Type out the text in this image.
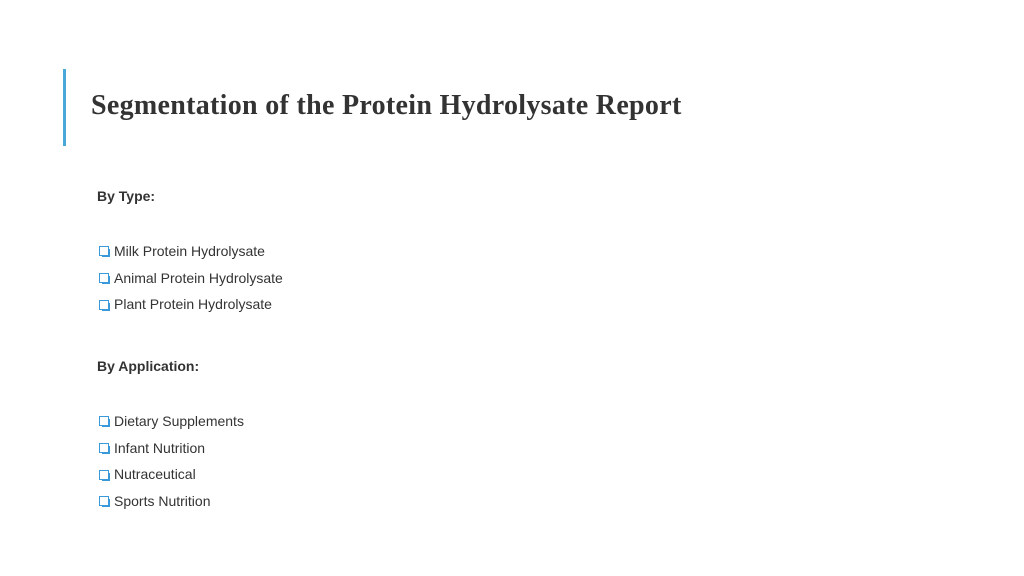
Segmentation of the Protein Hydrolysate Report
By Type:
Milk Protein Hydrolysate
Animal Protein Hydrolysate
Plant Protein Hydrolysate
By Application:
Dietary Supplements
Infant Nutrition
Nutraceutical
Sports Nutrition
